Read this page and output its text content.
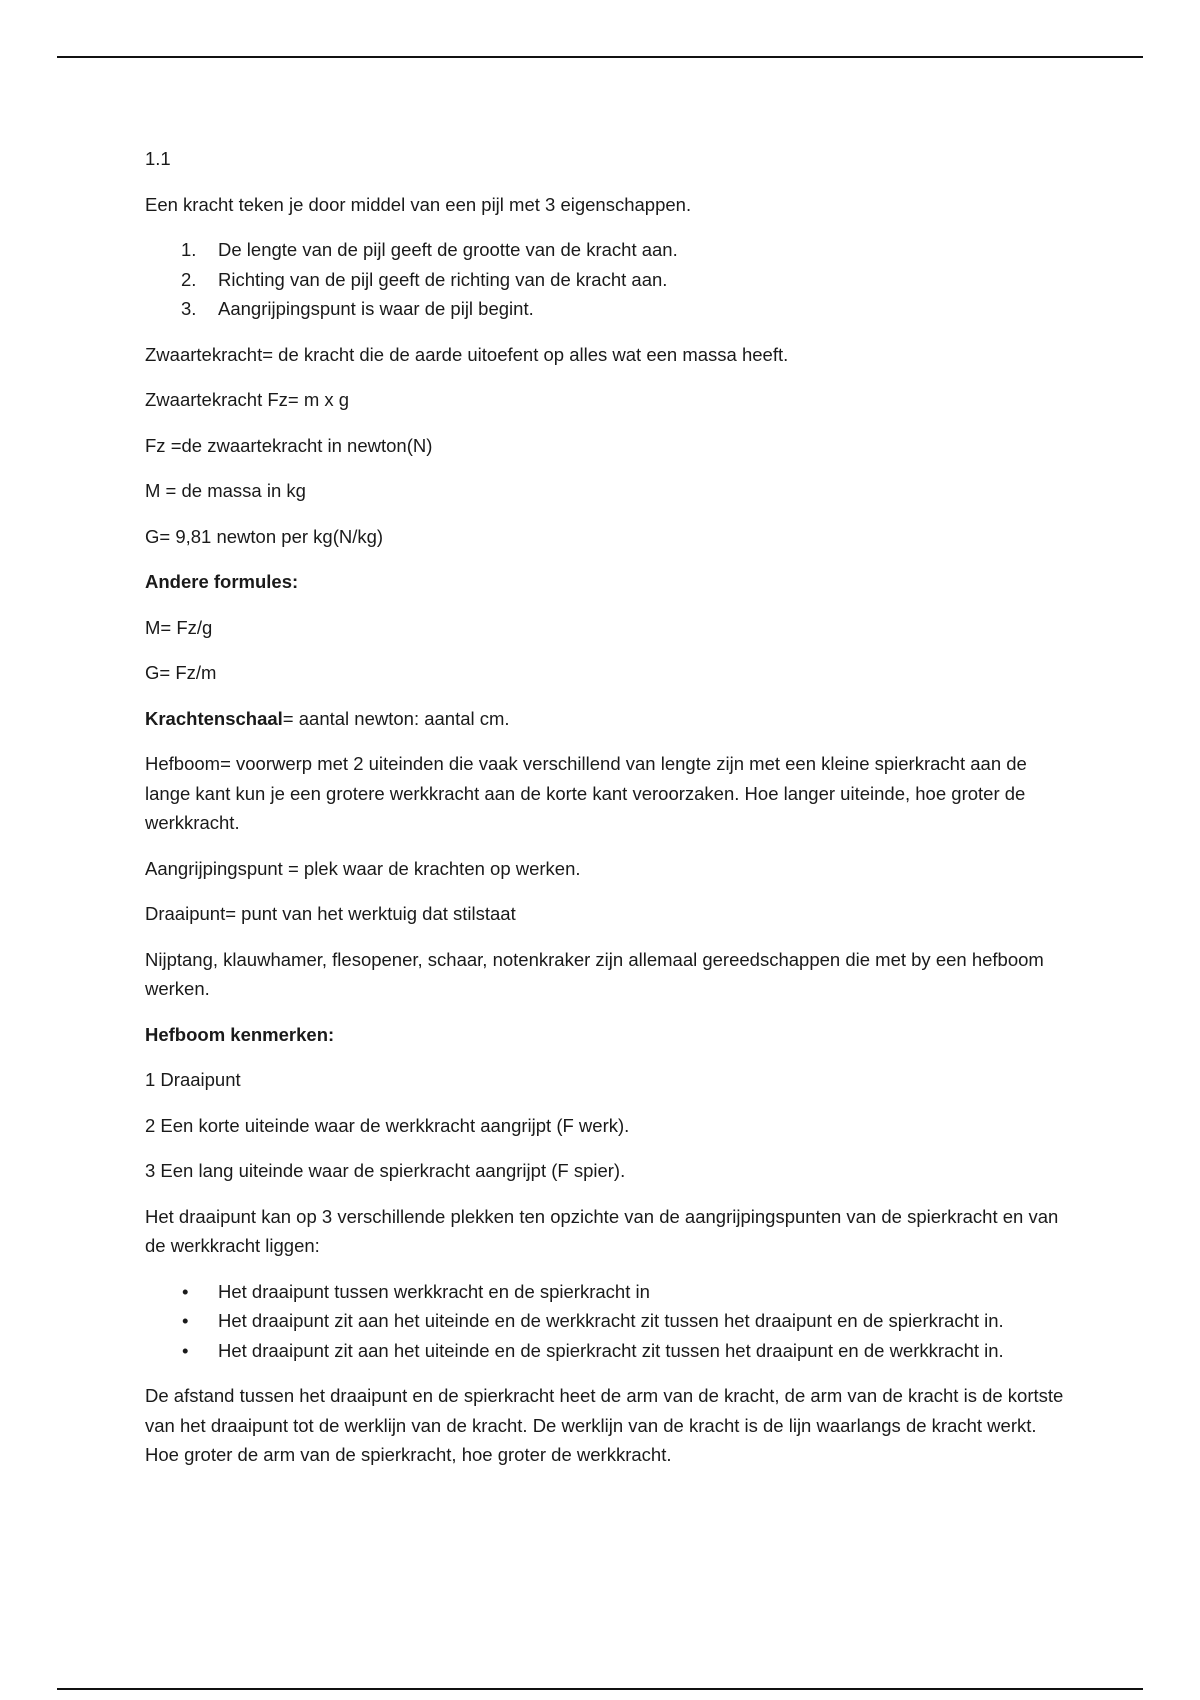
1.1

Een kracht teken je door middel van een pijl met 3 eigenschappen.

1.	De lengte van de pijl geeft de grootte van de kracht aan.
2.	Richting van de pijl geeft de richting van de kracht aan.
3.	Aangrijpingspunt is waar de pijl begint.

Zwaartekracht= de kracht die de aarde uitoefent op alles wat een massa heeft.

Zwaartekracht Fz= m x g

Fz =de zwaartekracht in newton(N)

M = de massa in kg

G= 9,81 newton per kg(N/kg)

Andere formules:

M= Fz/g

G= Fz/m

Krachtenschaal= aantal newton: aantal cm.

Hefboom= voorwerp met 2 uiteinden die vaak verschillend van lengte zijn met een kleine spierkracht aan de lange kant kun je een grotere werkkracht aan de korte kant veroorzaken. Hoe langer uiteinde, hoe groter de werkkracht.

Aangrijpingspunt = plek waar de krachten op werken.

Draaipunt= punt van het werktuig dat stilstaat

Nijptang, klauwhamer, flesopener, schaar, notenkraker zijn allemaal gereedschappen die met by een hefboom werken.

Hefboom kenmerken:

1 Draaipunt

2 Een korte uiteinde waar de werkkracht aangrijpt (F werk).

3 Een lang uiteinde waar de spierkracht aangrijpt (F spier).

Het draaipunt kan op 3 verschillende plekken ten opzichte van de aangrijpingspunten van de spierkracht en van de werkkracht liggen:

• Het draaipunt tussen werkkracht en de spierkracht in
• Het draaipunt zit aan het uiteinde en de werkkracht zit tussen het draaipunt en de spierkracht in.
• Het draaipunt zit aan het uiteinde en de spierkracht zit tussen het draaipunt en de werkkracht in.

De afstand tussen het draaipunt en de spierkracht heet de arm van de kracht, de arm van de kracht is de kortste van het draaipunt tot de werklijn van de kracht. De werklijn van de kracht is de lijn waarlangs de kracht werkt. Hoe groter de arm van de spierkracht, hoe groter de werkkracht.
